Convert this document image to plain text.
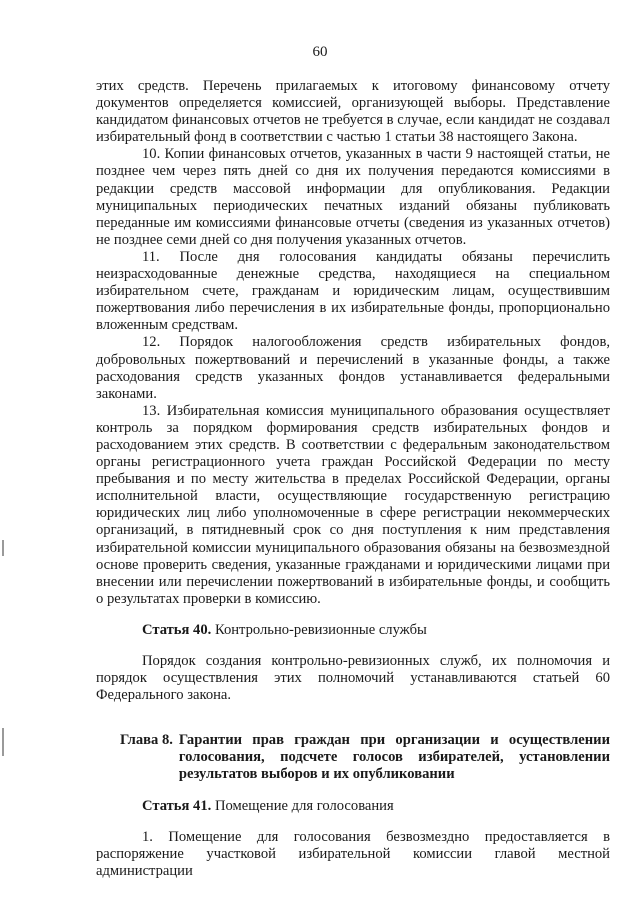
60

этих средств. Перечень прилагаемых к итоговому финансовому отчету документов определяется комиссией, организующей выборы. Представление кандидатом финансовых отчетов не требуется в случае, если кандидат не создавал избирательный фонд в соответствии с частью 1 статьи 38 настоящего Закона.

10. Копии финансовых отчетов, указанных в части 9 настоящей статьи, не позднее чем через пять дней со дня их получения передаются комиссиями в редакции средств массовой информации для опубликования. Редакции муниципальных периодических печатных изданий обязаны публиковать переданные им комиссиями финансовые отчеты (сведения из указанных отчетов) не позднее семи дней со дня получения указанных отчетов.

11. После дня голосования кандидаты обязаны перечислить неизрасходованные денежные средства, находящиеся на специальном избирательном счете, гражданам и юридическим лицам, осуществившим пожертвования либо перечисления в их избирательные фонды, пропорционально вложенным средствам.

12. Порядок налогообложения средств избирательных фондов, добровольных пожертвований и перечислений в указанные фонды, а также расходования средств указанных фондов устанавливается федеральными законами.

13. Избирательная комиссия муниципального образования осуществляет контроль за порядком формирования средств избирательных фондов и расходованием этих средств. В соответствии с федеральным законодательством органы регистрационного учета граждан Российской Федерации по месту пребывания и по месту жительства в пределах Российской Федерации, органы исполнительной власти, осуществляющие государственную регистрацию юридических лиц либо уполномоченные в сфере регистрации некоммерческих организаций, в пятидневный срок со дня поступления к ним представления избирательной комиссии муниципального образования обязаны на безвозмездной основе проверить сведения, указанные гражданами и юридическими лицами при внесении или перечислении пожертвований в избирательные фонды, и сообщить о результатах проверки в комиссию.

Статья 40. Контрольно-ревизионные службы

Порядок создания контрольно-ревизионных служб, их полномочия и порядок осуществления этих полномочий устанавливаются статьей 60 Федерального закона.

Глава 8. Гарантии прав граждан при организации и осуществлении голосования, подсчете голосов избирателей, установлении результатов выборов и их опубликовании

Статья 41. Помещение для голосования

1. Помещение для голосования безвозмездно предоставляется в распоряжение участковой избирательной комиссии главой местной администрации
